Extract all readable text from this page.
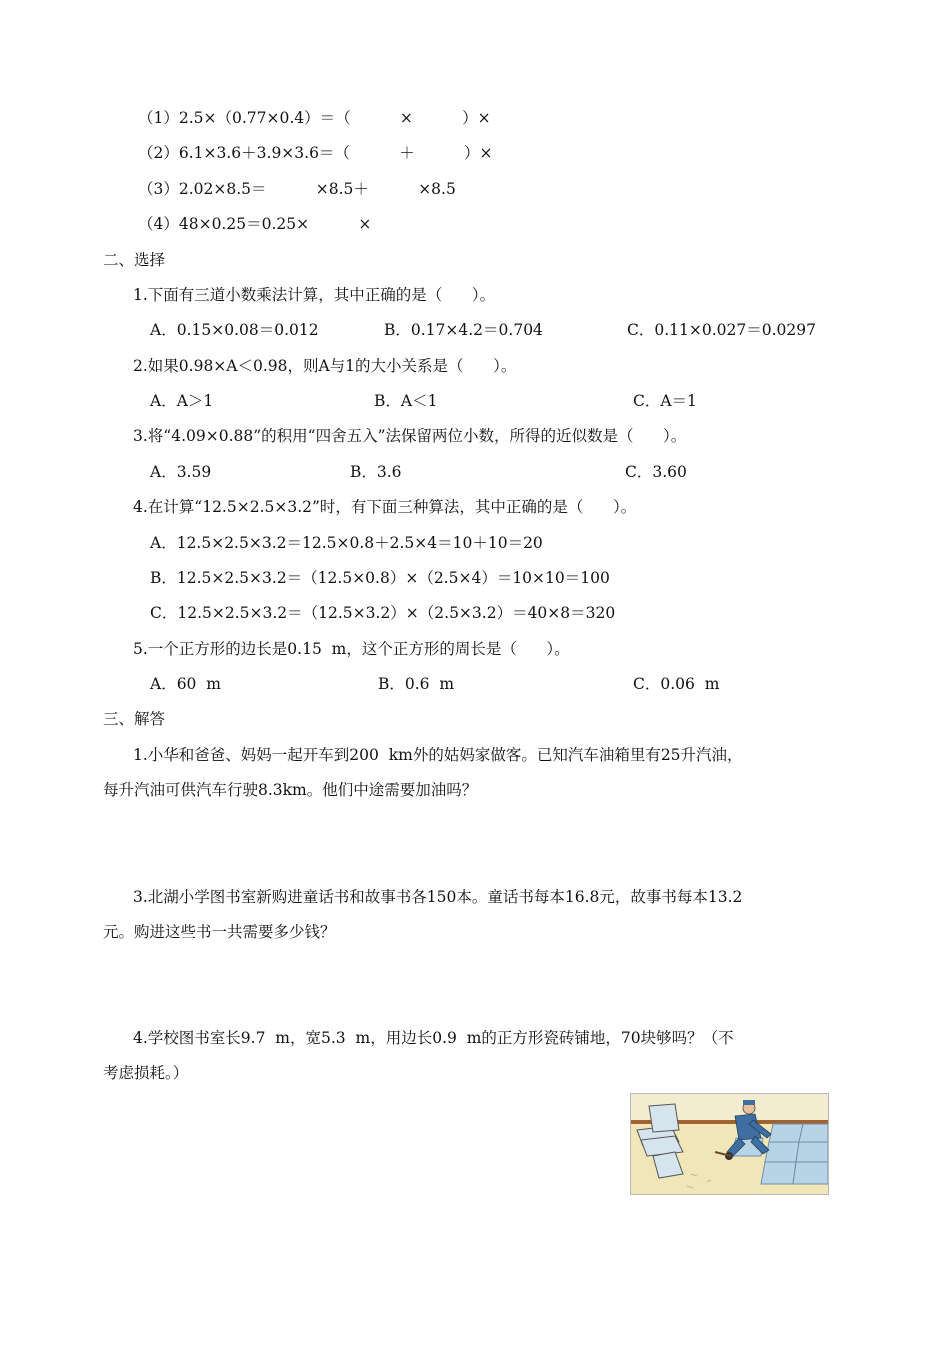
（1）2.5×（0.77×0.4）＝（          ×          ）×
（2）6.1×3.6＋3.9×3.6＝（          ＋          ）×
（3）2.02×8.5＝          ×8.5＋          ×8.5
（4）48×0.25＝0.25×          ×
二、选择
1.下面有三道小数乘法计算，其中正确的是（      ）。
A．0.15×0.08＝0.012	B．0.17×4.2＝0.704	C．0.11×0.027＝0.0297
2.如果0.98×A＜0.98，则A与1的大小关系是（      ）。
A．A＞1	B．A＜1	C．A＝1
3.将“4.09×0.88”的积用“四舍五入”法保留两位小数，所得的近似数是（      ）。
A．3.59	B．3.6	C．3.60
4.在计算“12.5×2.5×3.2”时，有下面三种算法，其中正确的是（      ）。
A．12.5×2.5×3.2＝12.5×0.8＋2.5×4＝10＋10＝20
B．12.5×2.5×3.2＝（12.5×0.8）×（2.5×4）＝10×10＝100
C．12.5×2.5×3.2＝（12.5×3.2）×（2.5×3.2）＝40×8＝320
5.一个正方形的边长是0.15  m，这个正方形的周长是（      ）。
A．60  m	B．0.6  m	C．0.06  m
三、解答
1.小华和爸爸、妈妈一起开车到200  km外的姑妈家做客。已知汽车油箱里有25升汽油，
每升汽油可供汽车行驶8.3km。他们中途需要加油吗？
3.北湖小学图书室新购进童话书和故事书各150本。童话书每本16.8元，故事书每本13.2
元。购进这些书一共需要多少钱？
4.学校图书室长9.7  m，宽5.3  m，用边长0.9  m的正方形瓷砖铺地，70块够吗？（不
考虑损耗。）
